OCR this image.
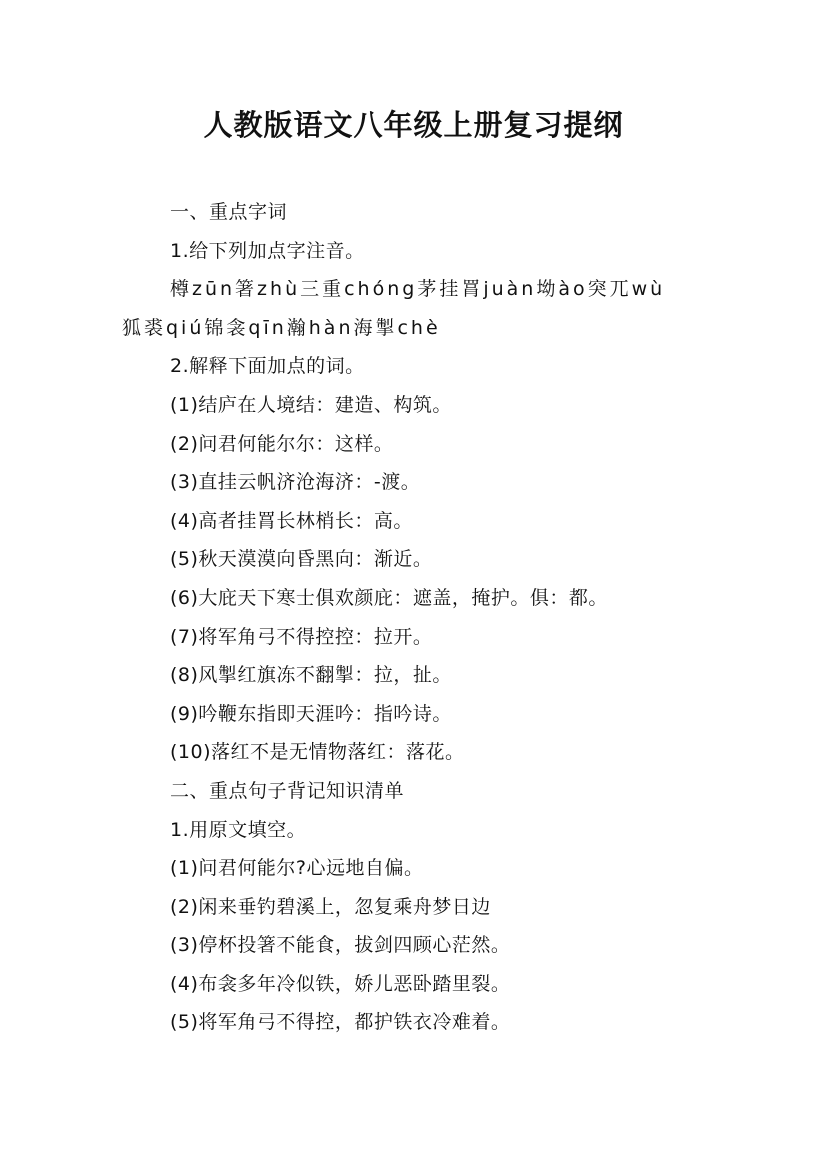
人教版语文八年级上册复习提纲
一、重点字词
1.给下列加点字注音。
樽zūn箸zhù三重chóng茅挂罥juàn坳ào突兀wù
狐裘qiú锦衾qīn瀚hàn海掣chè
2.解释下面加点的词。
(1)结庐在人境结：建造、构筑。
(2)问君何能尔尔：这样。
(3)直挂云帆济沧海济：-渡。
(4)高者挂罥长林梢长：高。
(5)秋天漠漠向昏黑向：渐近。
(6)大庇天下寒士俱欢颜庇：遮盖，掩护。俱：都。
(7)将军角弓不得控控：拉开。
(8)风掣红旗冻不翻掣：拉，扯。
(9)吟鞭东指即天涯吟：指吟诗。
(10)落红不是无情物落红：落花。
二、重点句子背记知识清单
1.用原文填空。
(1)问君何能尔?心远地自偏。
(2)闲来垂钓碧溪上，忽复乘舟梦日边
(3)停杯投箸不能食，拔剑四顾心茫然。
(4)布衾多年冷似铁，娇儿恶卧踏里裂。
(5)将军角弓不得控，都护铁衣冷难着。
